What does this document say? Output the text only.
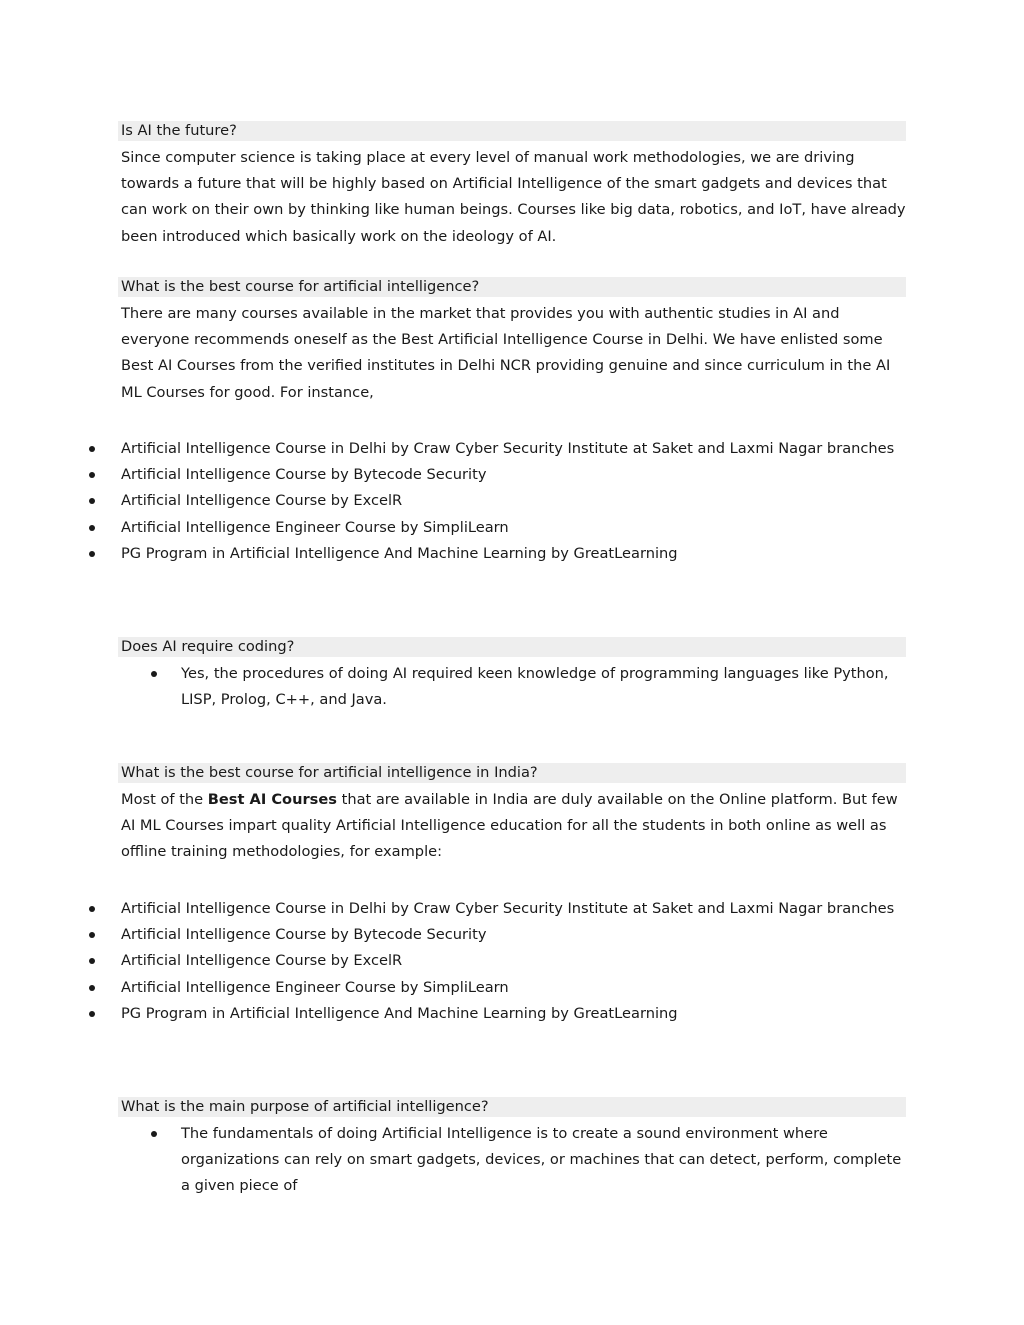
Is AI the future?

Since computer science is taking place at every level of manual work methodologies, we are driving towards a future that will be highly based on Artificial Intelligence of the smart gadgets and devices that can work on their own by thinking like human beings. Courses like big data, robotics, and IoT, have already been introduced which basically work on the ideology of AI.

What is the best course for artificial intelligence?

There are many courses available in the market that provides you with authentic studies in AI and everyone recommends oneself as the Best Artificial Intelligence Course in Delhi. We have enlisted some Best AI Courses from the verified institutes in Delhi NCR providing genuine and since curriculum in the AI ML Courses for good. For instance,

Artificial Intelligence Course in Delhi by Craw Cyber Security Institute at Saket and Laxmi Nagar branches
Artificial Intelligence Course by Bytecode Security
Artificial Intelligence Course by ExcelR
Artificial Intelligence Engineer Course by SimpliLearn
PG Program in Artificial Intelligence And Machine Learning by GreatLearning
Does AI require coding?
Yes, the procedures of doing AI required keen knowledge of programming languages like Python, LISP, Prolog, C++, and Java.
What is the best course for artificial intelligence in India?

Most of the Best AI Courses that are available in India are duly available on the Online platform. But few AI ML Courses impart quality Artificial Intelligence education for all the students in both online as well as offline training methodologies, for example:

Artificial Intelligence Course in Delhi by Craw Cyber Security Institute at Saket and Laxmi Nagar branches
Artificial Intelligence Course by Bytecode Security
Artificial Intelligence Course by ExcelR
Artificial Intelligence Engineer Course by SimpliLearn
PG Program in Artificial Intelligence And Machine Learning by GreatLearning
What is the main purpose of artificial intelligence?
The fundamentals of doing Artificial Intelligence is to create a sound environment where organizations can rely on smart gadgets, devices, or machines that can detect, perform, complete a given piece of
